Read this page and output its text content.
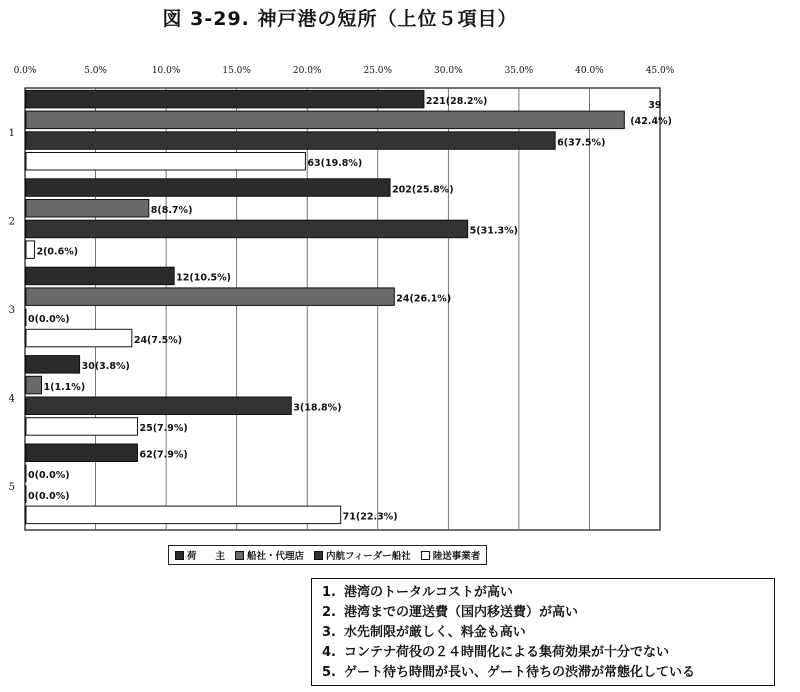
図 3-29. 神戸港の短所（上位５項目）
0.0%	5.0%	10.0%	15.0%	20.0%	25.0%	30.0%	35.0%	40.0%	45.0%
1
221(28.2%)	39
(42.4%)
6(37.5%)
63(19.8%)
2
202(25.8%)
8(8.7%)
5(31.3%)
2(0.6%)
3
12(10.5%)
24(26.1%)
0(0.0%)
24(7.5%)
4
30(3.8%)
1(1.1%)
3(18.8%)
25(7.9%)
5
62(7.9%)
0(0.0%)
0(0.0%)
71(22.3%)
荷　　主 船社・代理店 内航フィーダー船社 陸送事業者
1. 港湾のトータルコストが高い
2. 港湾までの運送費（国内移送費）が高い
3. 水先制限が厳しく、料金も高い
4. コンテナ荷役の２４時間化による集荷効果が十分でない
5. ゲート待ち時間が長い、ゲート待ちの渋滞が常態化している
